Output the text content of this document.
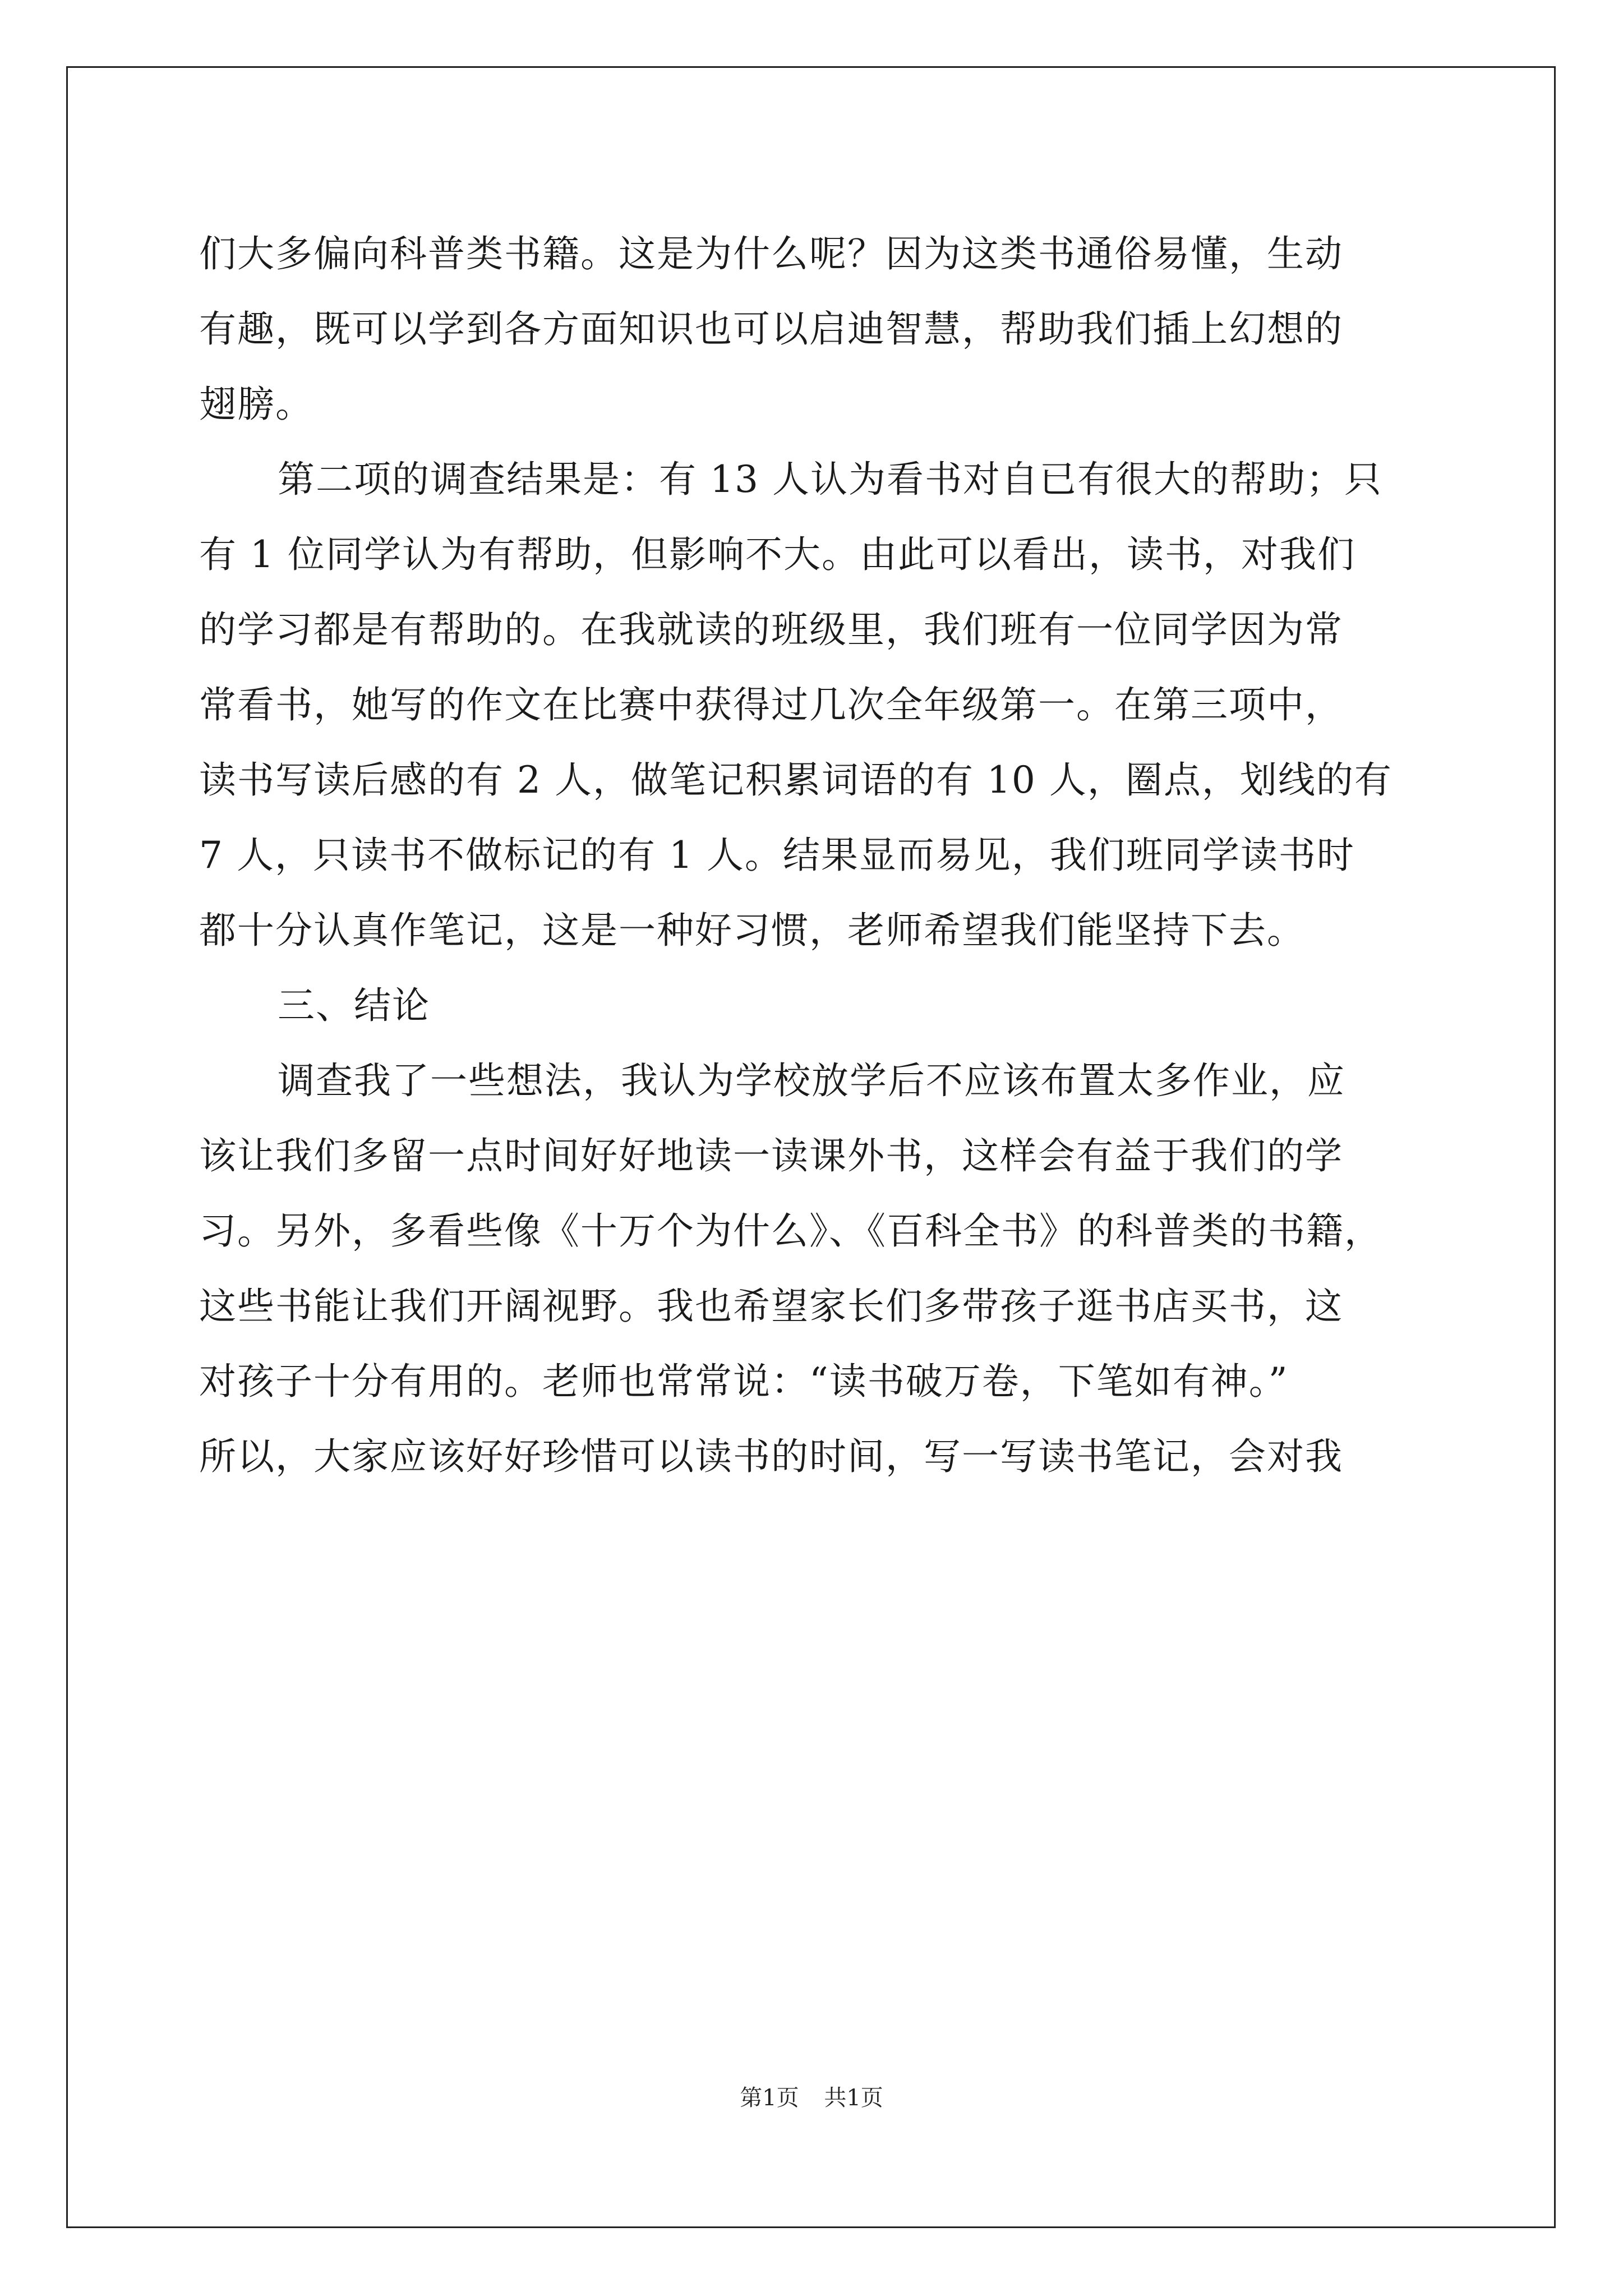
们大多偏向科普类书籍。这是为什么呢？因为这类书通俗易懂，生动
有趣，既可以学到各方面知识也可以启迪智慧，帮助我们插上幻想的
翅膀。
第二项的调查结果是：有 13 人认为看书对自已有很大的帮助；只
有 1 位同学认为有帮助，但影响不大。由此可以看出，读书，对我们
的学习都是有帮助的。在我就读的班级里，我们班有一位同学因为常
常看书，她写的作文在比赛中获得过几次全年级第一。在第三项中，
读书写读后感的有 2 人，做笔记积累词语的有 10 人，圈点，划线的有
7 人，只读书不做标记的有 1 人。结果显而易见，我们班同学读书时
都十分认真作笔记，这是一种好习惯，老师希望我们能坚持下去。
三、结论
调查我了一些想法，我认为学校放学后不应该布置太多作业，应
该让我们多留一点时间好好地读一读课外书，这样会有益于我们的学
习。另外，多看些像《十万个为什么》、《百科全书》的科普类的书籍，
这些书能让我们开阔视野。我也希望家长们多带孩子逛书店买书，这
对孩子十分有用的。老师也常常说：“读书破万卷，下笔如有神。”
所以，大家应该好好珍惜可以读书的时间，写一写读书笔记，会对我
第1页 共1页
